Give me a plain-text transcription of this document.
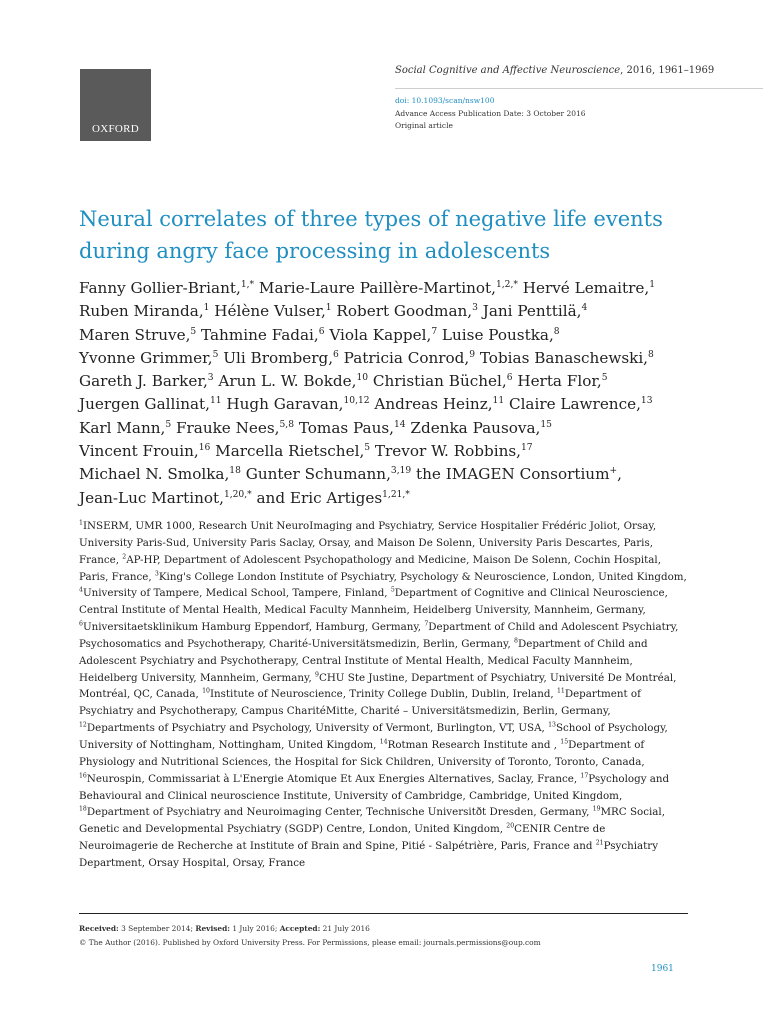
OXFORD
Social Cognitive and Affective Neuroscience, 2016, 1961–1969
doi: 10.1093/scan/nsw100
Advance Access Publication Date: 3 October 2016
Original article
Neural correlates of three types of negative life events during angry face processing in adolescents
Fanny Gollier-Briant,$^{1,*}$ Marie-Laure Paillère-Martinot,$^{1,2,*}$ Hervé Lemaitre,$^1$
Ruben Miranda,$^1$ Hélène Vulser,$^1$ Robert Goodman,$^3$ Jani Penttilä,$^4$
Maren Struve,$^5$ Tahmine Fadai,$^6$ Viola Kappel,$^7$ Luise Poustka,$^8$
Yvonne Grimmer,$^5$ Uli Bromberg,$^6$ Patricia Conrod,$^9$ Tobias Banaschewski,$^8$
Gareth J. Barker,$^3$ Arun L. W. Bokde,$^{10}$ Christian Büchel,$^6$ Herta Flor,$^5$
Juergen Gallinat,$^{11}$ Hugh Garavan,$^{10,12}$ Andreas Heinz,$^{11}$ Claire Lawrence,$^{13}$
Karl Mann,$^5$ Frauke Nees,$^{5,8}$ Tomas Paus,$^{14}$ Zdenka Pausova,$^{15}$
Vincent Frouin,$^{16}$ Marcella Rietschel,$^5$ Trevor W. Robbins,$^{17}$
Michael N. Smolka,$^{18}$ Gunter Schumann,$^{3,19}$ the IMAGEN Consortium+,
Jean-Luc Martinot,$^{1,20,*}$ and Eric Artiges$^{1,21,*}$
$^1$INSERM, UMR 1000, Research Unit NeuroImaging and Psychiatry, Service Hospitalier Frédéric Joliot, Orsay, University Paris-Sud, University Paris Saclay, Orsay, and Maison De Solenn, University Paris Descartes, Paris, France, $^2$AP-HP, Department of Adolescent Psychopathology and Medicine, Maison De Solenn, Cochin Hospital, Paris, France, $^3$King's College London Institute of Psychiatry, Psychology & Neuroscience, London, United Kingdom, $^4$University of Tampere, Medical School, Tampere, Finland, $^5$Department of Cognitive and Clinical Neuroscience, Central Institute of Mental Health, Medical Faculty Mannheim, Heidelberg University, Mannheim, Germany, $^6$Universitaetsklinikum Hamburg Eppendorf, Hamburg, Germany, $^7$Department of Child and Adolescent Psychiatry, Psychosomatics and Psychotherapy, Charité-Universitätsmedizin, Berlin, Germany, $^8$Department of Child and Adolescent Psychiatry and Psychotherapy, Central Institute of Mental Health, Medical Faculty Mannheim, Heidelberg University, Mannheim, Germany, $^9$CHU Ste Justine, Department of Psychiatry, Université De Montréal, Montréal, QC, Canada, $^{10}$Institute of Neuroscience, Trinity College Dublin, Dublin, Ireland, $^{11}$Department of Psychiatry and Psychotherapy, Campus CharitéMitte, Charité – Universitätsmedizin, Berlin, Germany, $^{12}$Departments of Psychiatry and Psychology, University of Vermont, Burlington, VT, USA, $^{13}$School of Psychology, University of Nottingham, Nottingham, United Kingdom, $^{14}$Rotman Research Institute and , $^{15}$Department of Physiology and Nutritional Sciences, the Hospital for Sick Children, University of Toronto, Toronto, Canada, $^{16}$Neurospin, Commissariat à L'Energie Atomique Et Aux Energies Alternatives, Saclay, France, $^{17}$Psychology and Behavioural and Clinical neuroscience Institute, University of Cambridge, Cambridge, United Kingdom, $^{18}$Department of Psychiatry and Neuroimaging Center, Technische Universitðt Dresden, Germany, $^{19}$MRC Social, Genetic and Developmental Psychiatry (SGDP) Centre, London, United Kingdom, $^{20}$CENIR Centre de Neuroimagerie de Recherche at Institute of Brain and Spine, Pitié - Salpétrière, Paris, France and $^{21}$Psychiatry Department, Orsay Hospital, Orsay, France
Received: 3 September 2014; Revised: 1 July 2016; Accepted: 21 July 2016
© The Author (2016). Published by Oxford University Press. For Permissions, please email: journals.permissions@oup.com
1961
